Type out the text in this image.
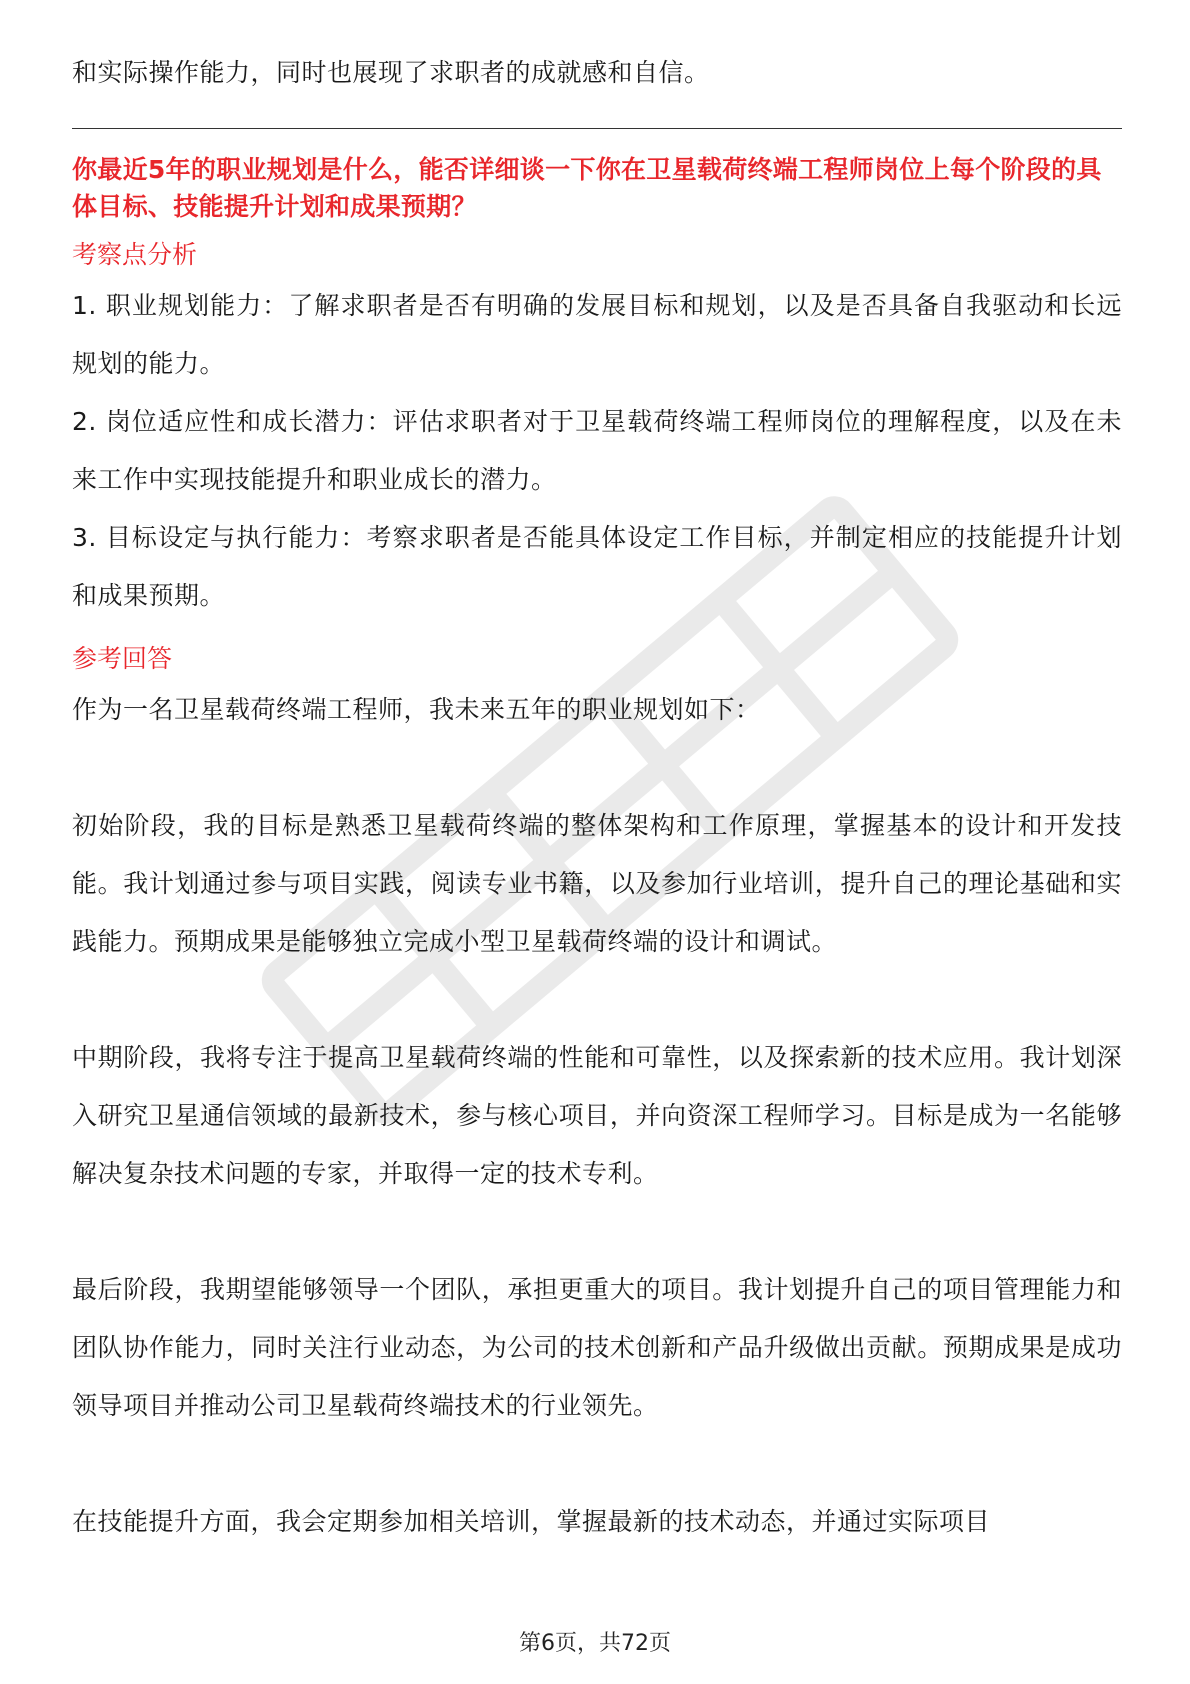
和实际操作能力，同时也展现了求职者的成就感和自信。

你最近5年的职业规划是什么，能否详细谈一下你在卫星载荷终端工程师岗位上每个阶段的具体目标、技能提升计划和成果预期？

考察点分析

1. 职业规划能力：了解求职者是否有明确的发展目标和规划，以及是否具备自我驱动和长远规划的能力。

2. 岗位适应性和成长潜力：评估求职者对于卫星载荷终端工程师岗位的理解程度，以及在未来工作中实现技能提升和职业成长的潜力。

3. 目标设定与执行能力：考察求职者是否能具体设定工作目标，并制定相应的技能提升计划和成果预期。

参考回答

作为一名卫星载荷终端工程师，我未来五年的职业规划如下：

初始阶段，我的目标是熟悉卫星载荷终端的整体架构和工作原理，掌握基本的设计和开发技能。我计划通过参与项目实践，阅读专业书籍，以及参加行业培训，提升自己的理论基础和实践能力。预期成果是能够独立完成小型卫星载荷终端的设计和调试。

中期阶段，我将专注于提高卫星载荷终端的性能和可靠性，以及探索新的技术应用。我计划深入研究卫星通信领域的最新技术，参与核心项目，并向资深工程师学习。目标是成为一名能够解决复杂技术问题的专家，并取得一定的技术专利。

最后阶段，我期望能够领导一个团队，承担更重大的项目。我计划提升自己的项目管理能力和团队协作能力，同时关注行业动态，为公司的技术创新和产品升级做出贡献。预期成果是成功领导项目并推动公司卫星载荷终端技术的行业领先。

在技能提升方面，我会定期参加相关培训，掌握最新的技术动态，并通过实际项目

第6页，共72页
